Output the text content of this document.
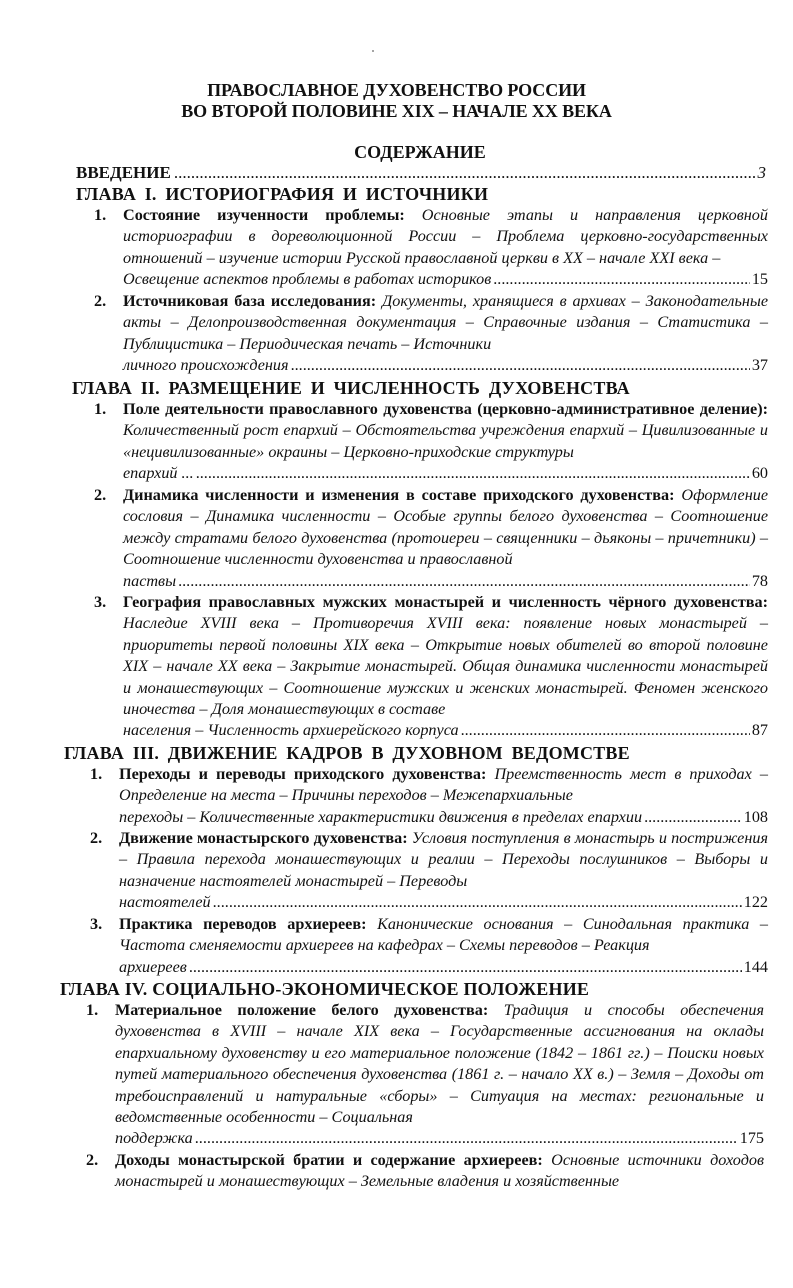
ПРАВОСЛАВНОЕ ДУХОВЕНСТВО РОССИИ
ВО ВТОРОЙ ПОЛОВИНЕ XIX – НАЧАЛЕ XX ВЕКА
СОДЕРЖАНИЕ
ВВЕДЕНИЕ .....	3
ГЛАВА I. ИСТОРИОГРАФИЯ И ИСТОЧНИКИ
1.	Состояние изученности проблемы: Основные этапы и направления церковной историографии в дореволюционной России – Проблема церковно-государственных отношений – изучение истории Русской православной церкви в XX – начале XXI века –
Освещение аспектов проблемы в работах историков .....	15
2.	Источниковая база исследования: Документы, хранящиеся в архивах – Законодательные акты – Делопроизводственная документация – Справочные издания – Статистика – Публицистика – Периодическая печать – Источники
личного происхождения .....	37
ГЛАВА II. РАЗМЕЩЕНИЕ И ЧИСЛЕННОСТЬ ДУХОВЕНСТВА
1.	Поле деятельности православного духовенства (церковно-административное деление): Количественный рост епархий – Обстоятельства учреждения епархий – Цивилизованные и «нецивилизованные» окраины – Церковно-приходские структуры
епархий ... .....	60
2.	Динамика численности и изменения в составе приходского духовенства: Оформление сословия – Динамика численности – Особые группы белого духовенства – Соотношение между стратами белого духовенства (протоиереи – священники – дьяконы – причетники) – Соотношение численности духовенства и православной
паствы .....	78
3.	География православных мужских монастырей и численность чёрного духовенства: Наследие XVIII века – Противоречия XVIII века: появление новых монастырей – приоритеты первой половины XIX века – Открытие новых обителей во второй половине XIX – начале XX века – Закрытие монастырей. Общая динамика численности монастырей и монашествующих – Соотношение мужских и женских монастырей. Феномен женского иночества – Доля монашествующих в составе
населения – Численность архиерейского корпуса .....	87
ГЛАВА III. ДВИЖЕНИЕ КАДРОВ В ДУХОВНОМ ВЕДОМСТВЕ
1.	Переходы и переводы приходского духовенства: Преемственность мест в приходах – Определение на места – Причины переходов – Межепархиальные
переходы – Количественные характеристики движения в пределах епархии .....	108
2.	Движение монастырского духовенства: Условия поступления в монастырь и пострижения – Правила перехода монашествующих и реалии – Переходы послушников – Выборы и назначение настоятелей монастырей – Переводы
настоятелей .....	122
3.	Практика переводов архиереев: Канонические основания – Синодальная практика – Частота сменяемости архиереев на кафедрах – Схемы переводов – Реакция
архиереев .....	144
ГЛАВА IV. СОЦИАЛЬНО-ЭКОНОМИЧЕСКОЕ ПОЛОЖЕНИЕ
1.	Материальное положение белого духовенства: Традиция и способы обеспечения духовенства в XVIII – начале XIX века – Государственные ассигнования на оклады епархиальному духовенству и его материальное положение (1842 – 1861 гг.) – Поиски новых путей материального обеспечения духовенства (1861 г. – начало XX в.) – Земля – Доходы от требоисправлений и натуральные «сборы» – Ситуация на местах: региональные и ведомственные особенности – Социальная
поддержка .....	175
2.	Доходы монастырской братии и содержание архиереев: Основные источники доходов монастырей и монашествующих – Земельные владения и хозяйственные
